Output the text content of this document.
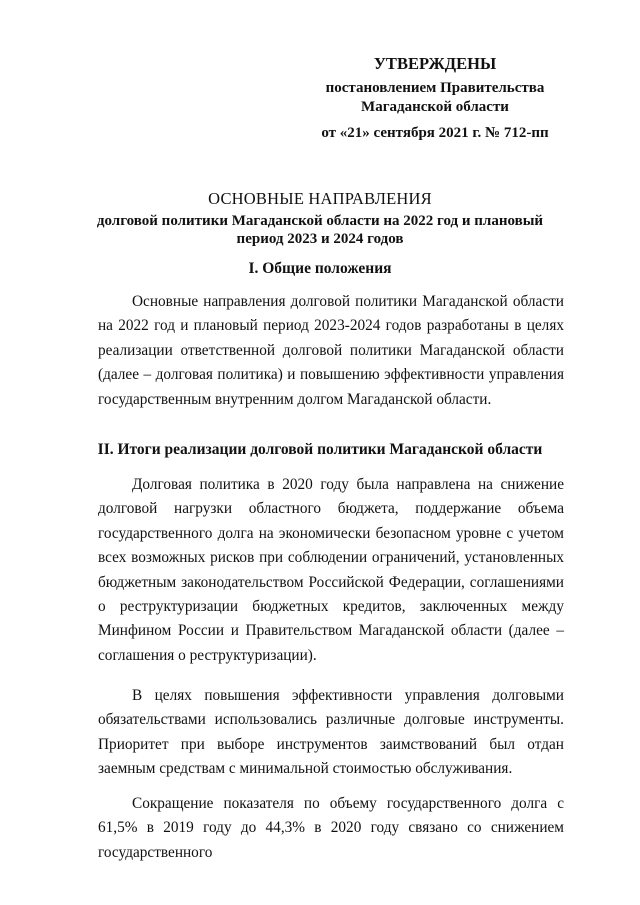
УТВЕРЖДЕНЫ
постановлением Правительства
Магаданской области
от «21» сентября 2021 г. № 712-пп
ОСНОВНЫЕ НАПРАВЛЕНИЯ
долговой политики Магаданской области на 2022 год и плановый
период 2023 и 2024 годов
I. Общие положения

Основные направления долговой политики Магаданской области на 2022 год и плановый период 2023-2024 годов разработаны в целях реализации ответственной долговой политики Магаданской области (далее – долговая политика) и повышению эффективности управления государственным внутренним долгом Магаданской области.

II. Итоги реализации долговой политики Магаданской области

Долговая политика в 2020 году была направлена на снижение долговой нагрузки областного бюджета, поддержание объема государственного долга на экономически безопасном уровне с учетом всех возможных рисков при соблюдении ограничений, установленных бюджетным законодательством Российской Федерации, соглашениями о реструктуризации бюджетных кредитов, заключенных между Минфином России и Правительством Магаданской области (далее – соглашения о реструктуризации).

В целях повышения эффективности управления долговыми обязательствами использовались различные долговые инструменты. Приоритет при выборе инструментов заимствований был отдан заемным средствам с минимальной стоимостью обслуживания.

Сокращение показателя по объему государственного долга с 61,5% в 2019 году до 44,3% в 2020 году связано со снижением государственного
